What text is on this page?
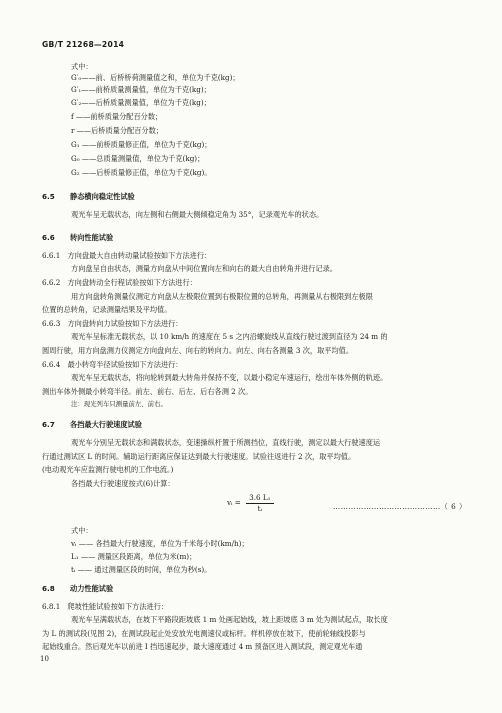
GB/T 21268—2014
式中：
G′₀——前、后桥桥荷测量值之和，单位为千克(kg)；
G′₁——前桥质量测量值，单位为千克(kg)；
G′₂——后桥质量测量值，单位为千克(kg)；
f ——前桥质量分配百分数；
r ——后桥质量分配百分数；
G₁ ——前桥质量修正值，单位为千克(kg)；
G₀ ——总质量测量值，单位为千克(kg)；
G₂ ——后桥质量修正值，单位为千克(kg)。
6.5 静态横向稳定性试验
观光车呈无载状态，向左侧和右侧最大侧倾稳定角为 35°，记录观光车的状态。
6.6 转向性能试验
6.6.1　方向盘最大自由转动量试验按如下方法进行：
方向盘呈自由状态，测量方向盘从中间位置向左和向右的最大自由转角并进行记录。
6.6.2　方向盘转动全行程试验按如下方法进行：
用方向盘转角测量仪测定方向盘从左极限位置到右极限位置的总转角，再测量从右极限到左极限
位置的总转角，记录测量结果及平均值。
6.6.3　方向盘转向力试验按如下方法进行：
观光车呈标准无载状态，以 10 km/h 的速度在 5 s 之内沿螺旋线从直线行驶过渡到直径为 24 m 的
圆周行驶，用方向盘测力仪测定方向盘向左、向右的转向力。向左、向右各测量 3 次，取平均值。
6.6.4　最小转弯半径试验按如下方法进行：
观光车呈无载状态，将向轮转到最大转角并保持不变，以最小稳定车速运行，绘出车体外侧的轨迹。
测出车体外侧最小转弯半径。前左、前右、后左、后右各测 2 次。
注：现光列车只测量前左、前右。
6.7 各挡最大行驶速度试验
观光车分别呈无载状态和满载状态，变速操纵杆置于所测挡位，直线行驶，测定以最大行驶速度运
行通过测试区 L 的时间。辅助运行距离应保证达到最大行驶速度。试验往返进行 2 次，取平均值。
(电动观光车应监测行驶电机的工作电流。)
各挡最大行驶速度按式(6)计算：
vᵢ = $\frac{\text{3.6 L₁}}{\text{tᵢ}}$	……………………………………（ 6 ）
式中：
vᵢ —— 各挡最大行驶速度，单位为千米每小时(km/h)；
L₁ —— 测量区段距离，单位为米(m)；
tᵢ —— 通过测量区段的时间，单位为秒(s)。
6.8 动力性能试验
6.8.1　爬坡性能试验按如下方法进行：
观光车呈满载状态，在坡下平路段距坡底 1 m 处画起始线，坡上距坡底 3 m 处为测试起点，取长度
为 L 的测试段(见图 2)，在测试段起止处安放光电测速仪或标杆。样机停放在坡下，使前轮轴线投影与
起始线重合。然后观光车以前进 I 挡迅速起步，最大速度通过 4 m 预备区进入测试段，测定观光车通
10
